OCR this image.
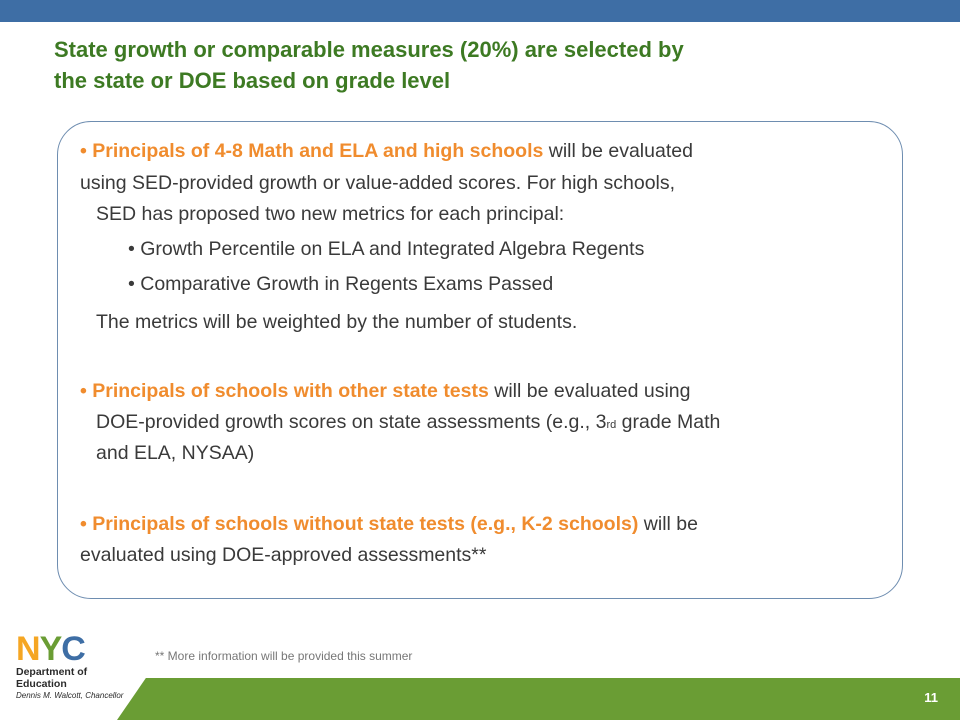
State growth or comparable measures (20%) are selected by
the state or DOE based on grade level

• Principals of 4-8 Math and ELA and high schools will be evaluated

using SED-provided growth or value-added scores. For high schools,

SED has proposed two new metrics for each principal:

• Growth Percentile on ELA and Integrated Algebra Regents

• Comparative Growth in Regents Exams Passed

The metrics will be weighted by the number of students.

• Principals of schools with other state tests will be evaluated using

DOE-provided growth scores on state assessments (e.g., 3rd grade Math

and ELA, NYSAA)

• Principals of schools without state tests (e.g., K-2 schools) will be

evaluated using DOE-approved assessments**

** More information will be provided this summer

11
NYC
Department of
Education
Dennis M. Walcott, Chancellor
